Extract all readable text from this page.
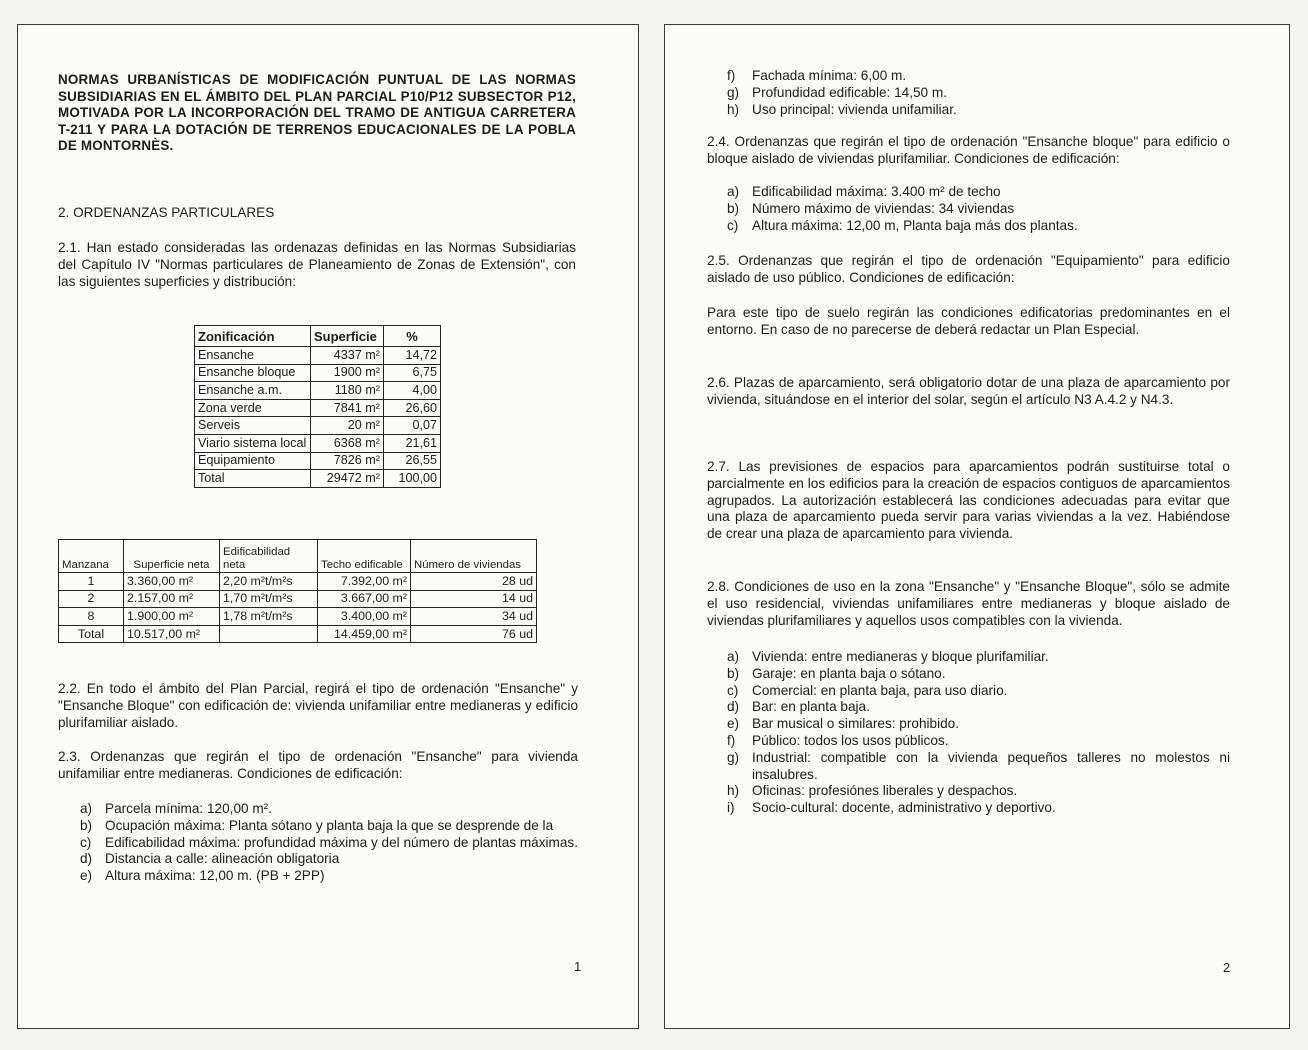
NORMAS URBANÍSTICAS DE MODIFICACIÓN PUNTUAL DE LAS NORMAS SUBSIDIARIAS EN EL ÁMBITO DEL PLAN PARCIAL P10/P12 SUBSECTOR P12, MOTIVADA POR LA INCORPORACIÓN DEL TRAMO DE ANTIGUA CARRETERA T-211 Y PARA LA DOTACIÓN DE TERRENOS EDUCACIONALES DE LA POBLA DE MONTORNÈS.

2. ORDENANZAS PARTICULARES

2.1. Han estado consideradas las ordenazas definidas en las Normas Subsidiarias del Capítulo IV "Normas particulares de Planeamiento de Zonas de Extensión", con las siguientes superficies y distribución:

Zonificación	Superficie	%
Ensanche	4337 m²	14,72
Ensanche bloque	1900 m²	6,75
Ensanche a.m.	1180 m²	4,00
Zona verde	7841 m²	26,60
Serveis	20 m²	0,07
Viario sistema local	6368 m²	21,61
Equipamiento	7826 m²	26,55
Total	29472 m²	100,00
Manzana	Superficie neta	Edificabilidad neta	Techo edificable	Número de viviendas
1	3.360,00 m²	2,20 m²t/m²s	7.392,00 m²	28 ud
2	2.157,00 m²	1,70 m²t/m²s	3.667,00 m²	14 ud
8	1.900,00 m²	1,78 m²t/m²s	3.400,00 m²	34 ud
Total	10.517,00 m²		14.459,00 m²	76 ud

2.2. En todo el ámbito del Plan Parcial, regirá el tipo de ordenación "Ensanche" y "Ensanche Bloque" con edificación de: vivienda unifamiliar entre medianeras y edificio plurifamiliar aislado.

2.3. Ordenanzas que regirán el tipo de ordenación "Ensanche" para vivienda unifamiliar entre medianeras. Condiciones de edificación:

a) Parcela mínima: 120,00 m².
b) Ocupación máxima: Planta sótano y planta baja la que se desprende de la
c)	Edificabilidad máxima: profundidad máxima y del número de plantas máximas.
d) Distancia a calle: alineación obligatoria
e) Altura máxima: 12,00 m. (PB + 2PP)
1
f)	Fachada mínima: 6,00 m.
g) Profundidad edificable: 14,50 m.
h) Uso principal: vivienda unifamiliar.

2.4. Ordenanzas que regirán el tipo de ordenación "Ensanche bloque" para edificio o bloque aislado de viviendas plurifamiliar. Condiciones de edificación:

a) Edificabilidad máxima: 3.400 m² de techo
b) Número máximo de viviendas: 34 viviendas
c)	Altura máxima: 12,00 m, Planta baja más dos plantas.

2.5. Ordenanzas que regirán el tipo de ordenación "Equipamiento" para edificio aislado de uso público. Condiciones de edificación:

Para este tipo de suelo regirán las condiciones edificatorias predominantes en el entorno. En caso de no parecerse de deberá redactar un Plan Especial.

2.6. Plazas de aparcamiento, será obligatorio dotar de una plaza de aparcamiento por vivienda, situándose en el interior del solar, según el artículo N3 A.4.2 y N4.3.

2.7. Las previsiones de espacios para aparcamientos podrán sustituirse total o parcialmente en los edificios para la creación de espacios contiguos de aparcamientos agrupados. La autorización establecerá las condiciones adecuadas para evitar que una plaza de aparcamiento pueda servir para varias viviendas a la vez. Habiéndose de crear una plaza de aparcamiento para vivienda.

2.8. Condiciones de uso en la zona "Ensanche" y "Ensanche Bloque", sólo se admite el uso residencial, viviendas unifamiliares entre medianeras y bloque aislado de viviendas plurifamiliares y aquellos usos compatibles con la vivienda.

a) Vivienda: entre medianeras y bloque plurifamiliar.
b) Garaje: en planta baja o sótano.
c)	Comercial: en planta baja, para uso diario.
d) Bar: en planta baja.
e) Bar musical o similares: prohibido.
f)	Público: todos los usos públicos.
g) Industrial: compatible con la vivienda pequeños talleres no molestos ni insalubres.
h) Oficinas: profesiónes liberales y despachos.
i)	Socio-cultural: docente, administrativo y deportivo.
2
